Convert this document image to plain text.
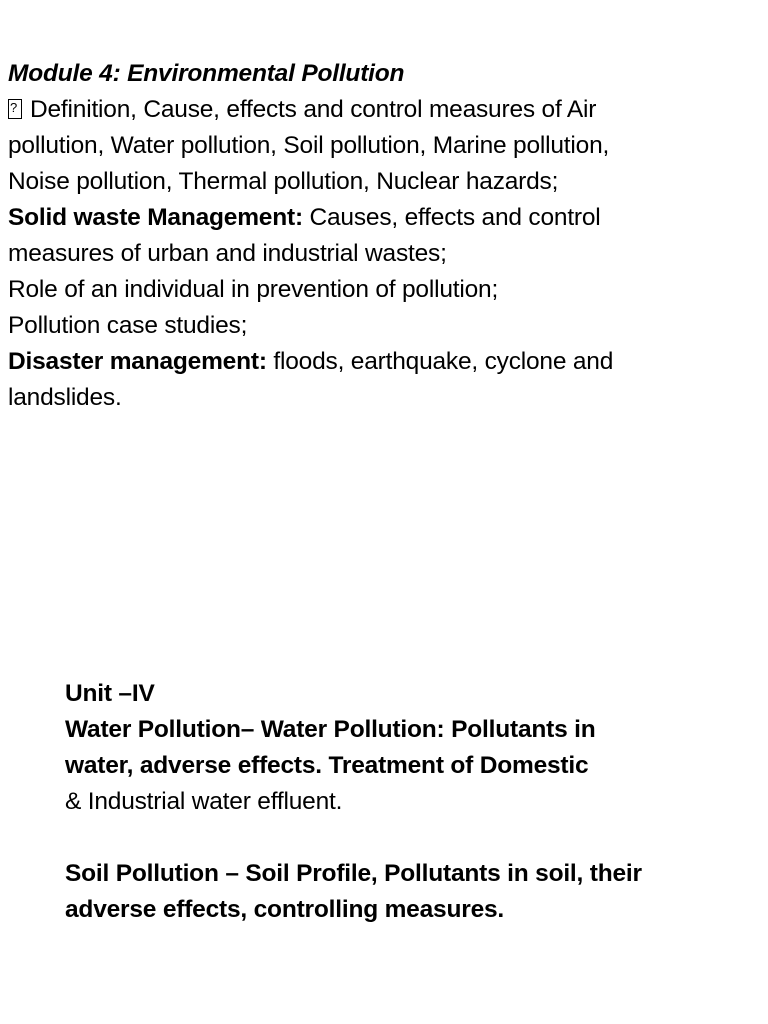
Module 4: Environmental Pollution
?Definition, Cause, effects and control measures of Air
pollution, Water pollution, Soil pollution, Marine pollution,
Noise pollution, Thermal pollution, Nuclear hazards;
Solid waste Management: Causes, effects and control
measures of urban and industrial wastes;
Role of an individual in prevention of pollution;
Pollution case studies;
Disaster management: floods, earthquake, cyclone and
landslides.
Unit –IV
Water Pollution– Water Pollution: Pollutants in
water, adverse effects. Treatment of Domestic
& Industrial water effluent.
Soil Pollution – Soil Profile, Pollutants in soil, their
adverse effects, controlling measures.
